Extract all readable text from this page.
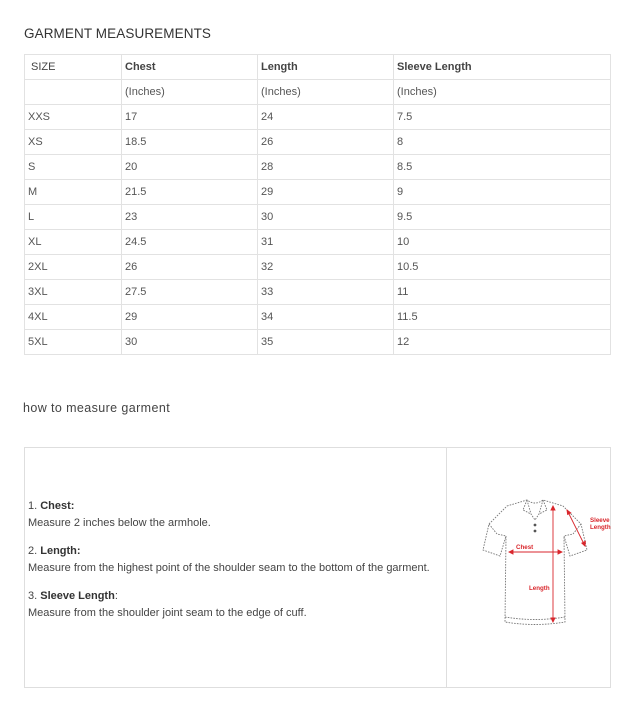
GARMENT MEASUREMENTS
SIZE	Chest	Length	Sleeve Length
	(Inches)	(Inches)	(Inches)
XXS	17	24	7.5
XS	18.5	26	8
S	20	28	8.5
M	21.5	29	9
L	23	30	9.5
XL	24.5	31	10
2XL	26	32	10.5
3XL	27.5	33	11
4XL	29	34	11.5
5XL	30	35	12
how to measure garment
1. Chest:
Measure 2 inches below the armhole.
2. Length:
Measure from the highest point of the shoulder seam to the bottom of the garment.
3. Sleeve Length:
Measure from the shoulder joint seam to the edge of cuff.
Chest
Length
Sleeve
Length
